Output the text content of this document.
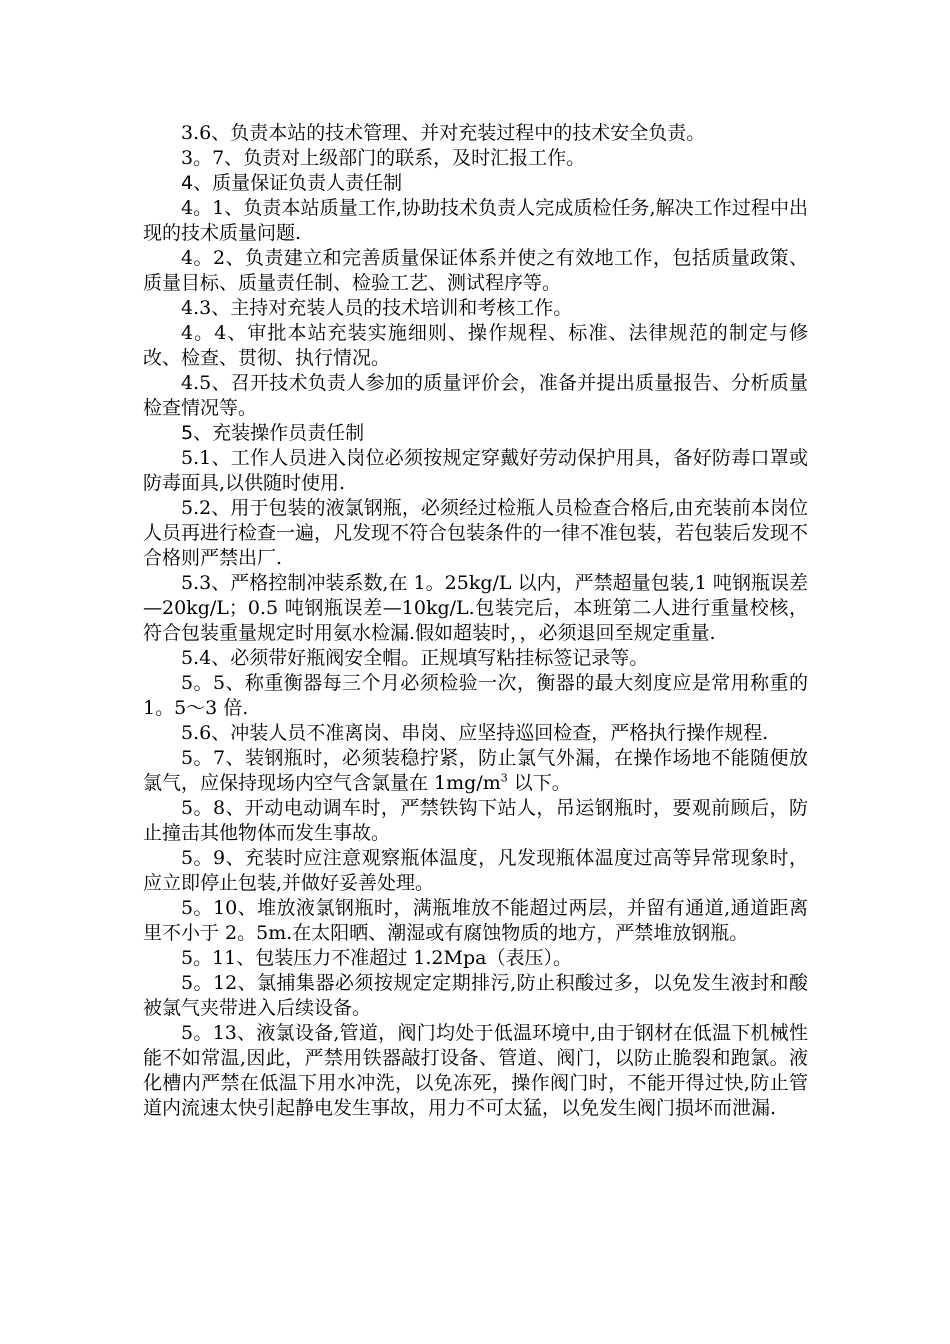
3.6、负责本站的技术管理、并对充装过程中的技术安全负责。

3。7、负责对上级部门的联系，及时汇报工作。

4、质量保证负责人责任制

4。1、负责本站质量工作,协助技术负责人完成质检任务,解决工作过程中出现的技术质量问题.

4。2、负责建立和完善质量保证体系并使之有效地工作，包括质量政策、质量目标、质量责任制、检验工艺、测试程序等。

4.3、主持对充装人员的技术培训和考核工作。

4。4、审批本站充装实施细则、操作规程、标准、法律规范的制定与修改、检查、贯彻、执行情况。

4.5、召开技术负责人参加的质量评价会，准备并提出质量报告、分析质量检查情况等。

5、充装操作员责任制

5.1、工作人员进入岗位必须按规定穿戴好劳动保护用具，备好防毒口罩或防毒面具,以供随时使用.

5.2、用于包装的液氯钢瓶，必须经过检瓶人员检查合格后,由充装前本岗位人员再进行检查一遍，凡发现不符合包装条件的一律不准包装，若包装后发现不合格则严禁出厂.

5.3、严格控制冲装系数,在 1。25kg/L 以内，严禁超量包装,1 吨钢瓶误差—20kg/L；0.5 吨钢瓶误差—10kg/L.包装完后，本班第二人进行重量校核，符合包装重量规定时用氨水检漏.假如超装时，，必须退回至规定重量.

5.4、必须带好瓶阀安全帽。正规填写粘挂标签记录等。

5。5、称重衡器每三个月必须检验一次，衡器的最大刻度应是常用称重的 1。5～3 倍.

5.6、冲装人员不准离岗、串岗、应坚持巡回检查，严格执行操作规程.

5。7、装钢瓶时，必须装稳拧紧，防止氯气外漏，在操作场地不能随便放氯气，应保持现场内空气含氯量在 $1mg/m^3$ 以下。

5。8、开动电动调车时，严禁铁钩下站人，吊运钢瓶时，要观前顾后，防止撞击其他物体而发生事故。

5。9、充装时应注意观察瓶体温度，凡发现瓶体温度过高等异常现象时，应立即停止包装,并做好妥善处理。

5。10、堆放液氯钢瓶时，满瓶堆放不能超过两层，并留有通道,通道距离里不小于 2。5m.在太阳晒、潮湿或有腐蚀物质的地方，严禁堆放钢瓶。

5。11、包装压力不准超过 1.2Mpa（表压）。

5。12、氯捕集器必须按规定定期排污,防止积酸过多，以免发生液封和酸被氯气夹带进入后续设备。

5。13、液氯设备,管道，阀门均处于低温环境中,由于钢材在低温下机械性能不如常温,因此，严禁用铁器敲打设备、管道、阀门，以防止脆裂和跑氯。液化槽内严禁在低温下用水冲洗，以免冻死，操作阀门时，不能开得过快,防止管道内流速太快引起静电发生事故，用力不可太猛，以免发生阀门损坏而泄漏.
